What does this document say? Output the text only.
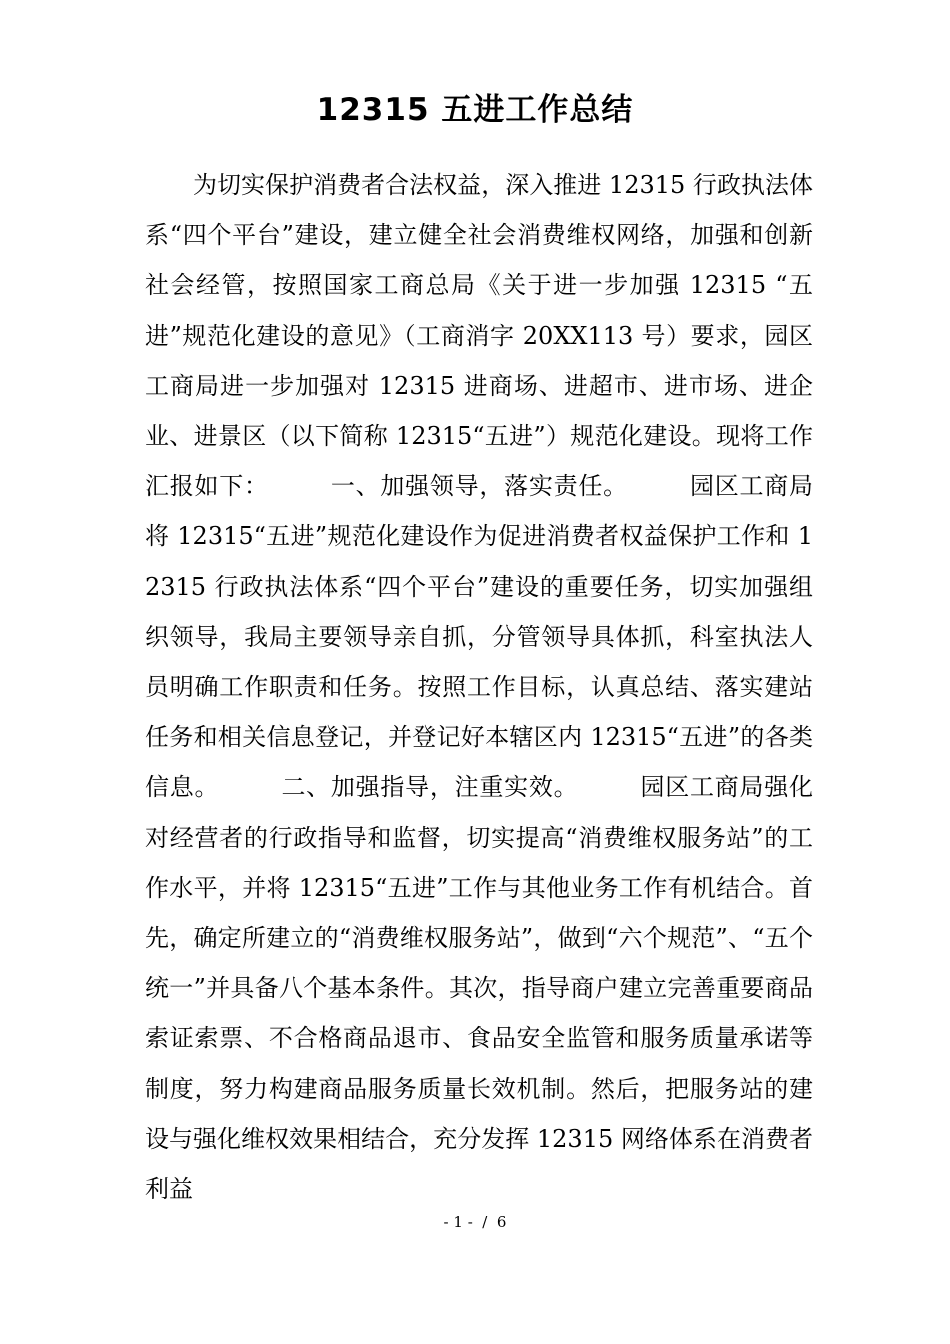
12315 五进工作总结

为切实保护消费者合法权益，深入推进 12315 行政执法体系“四个平台”建设，建立健全社会消费维权网络，加强和创新社会经管，按照国家工商总局《关于进一步加强 12315 “五进”规范化建设的意见》（工商消字 20XX113 号）要求，园区工商局进一步加强对 12315 进商场、进超市、进市场、进企业、进景区（以下简称 12315“五进”）规范化建设。现将工作汇报如下：　　　一、加强领导，落实责任。　　　园区工商局将 12315“五进”规范化建设作为促进消费者权益保护工作和 12315 行政执法体系“四个平台”建设的重要任务，切实加强组织领导，我局主要领导亲自抓，分管领导具体抓，科室执法人员明确工作职责和任务。按照工作目标，认真总结、落实建站任务和相关信息登记，并登记好本辖区内 12315“五进”的各类信息。　　　二、加强指导，注重实效。　　　园区工商局强化对经营者的行政指导和监督，切实提高“消费维权服务站”的工作水平，并将 12315“五进”工作与其他业务工作有机结合。首先，确定所建立的“消费维权服务站”，做到“六个规范”、“五个统一”并具备八个基本条件。其次，指导商户建立完善重要商品索证索票、不合格商品退市、食品安全监管和服务质量承诺等制度，努力构建商品服务质量长效机制。然后，把服务站的建设与强化维权效果相结合，充分发挥 12315 网络体系在消费者利益

- 1 -  /  6
